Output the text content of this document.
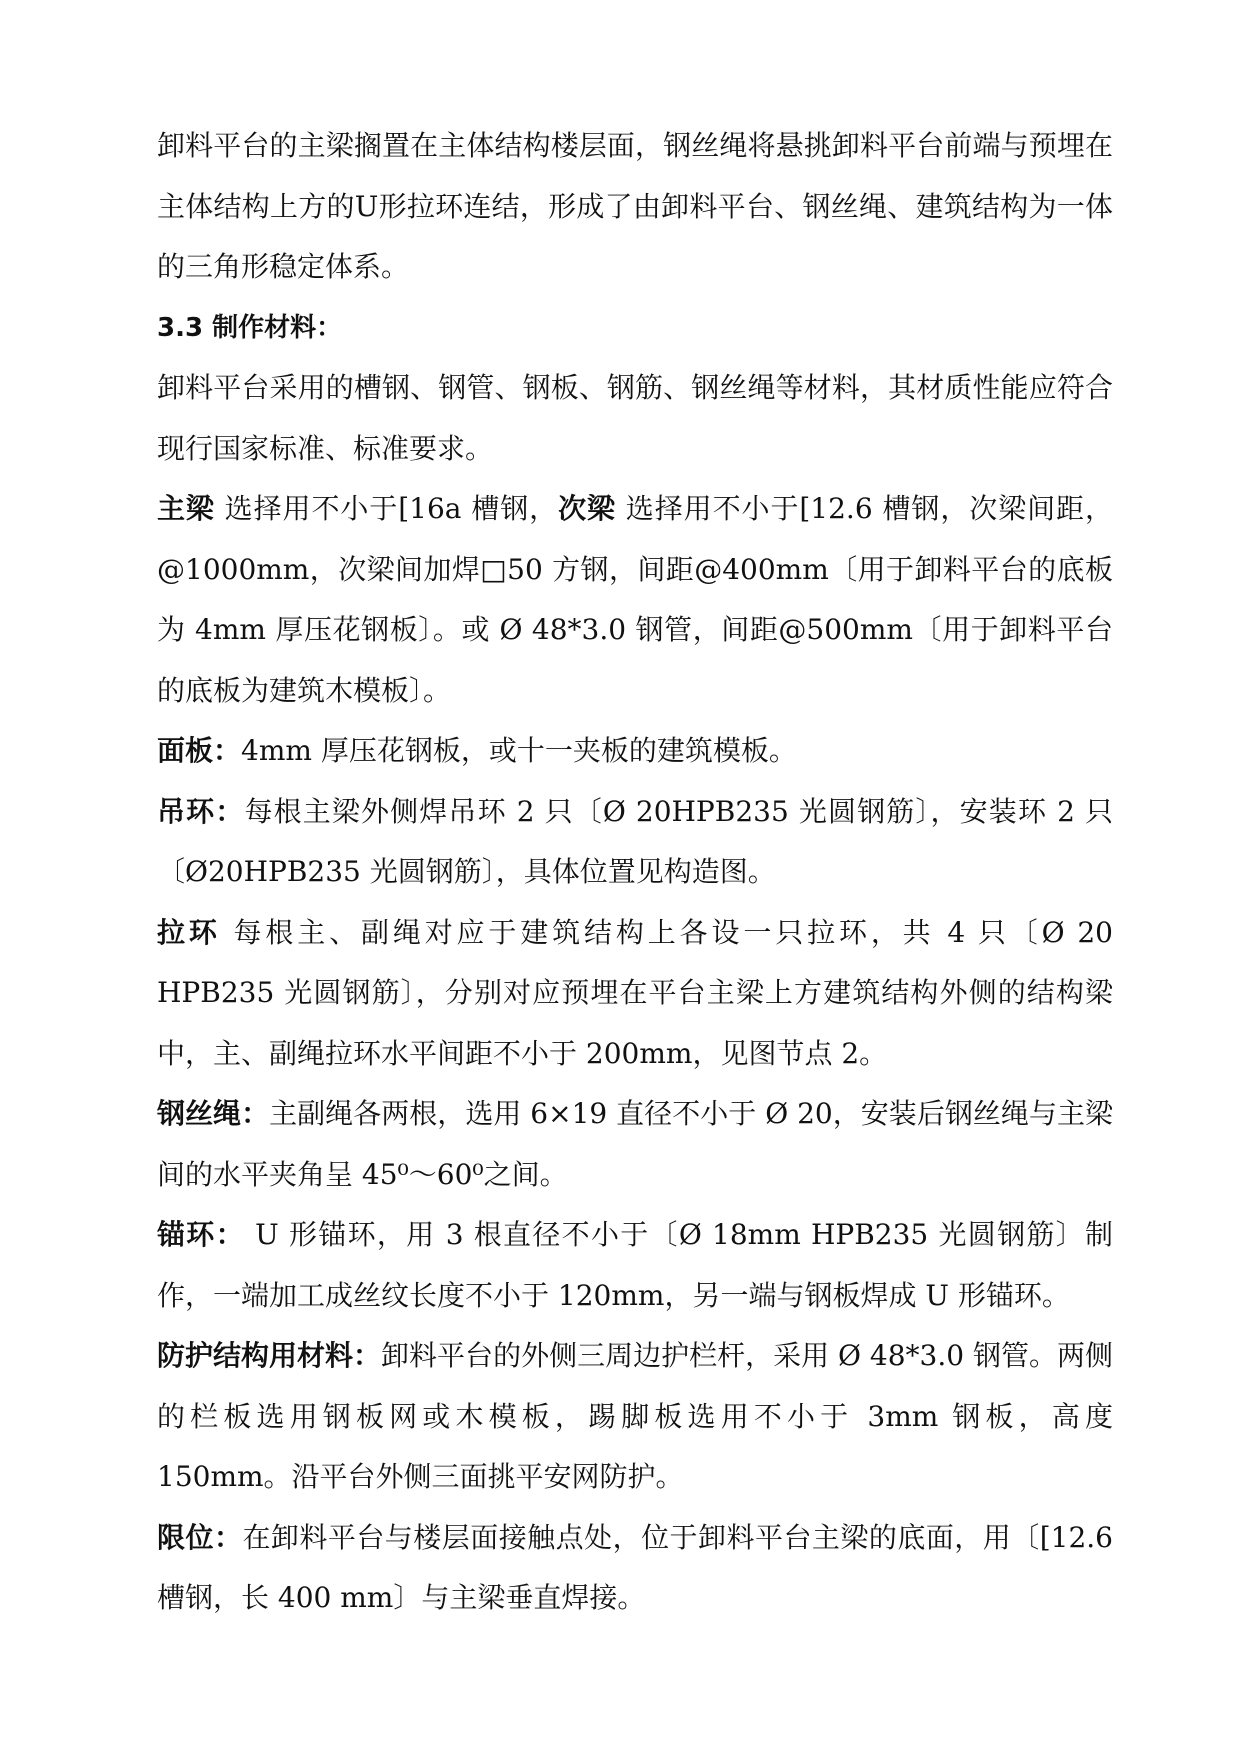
卸料平台的主梁搁置在主体结构楼层面，钢丝绳将悬挑卸料平台前端与预埋在主体结构上方的U形拉环连结，形成了由卸料平台、钢丝绳、建筑结构为一体的三角形稳定体系。

3.3 制作材料：

卸料平台采用的槽钢、钢管、钢板、钢筋、钢丝绳等材料，其材质性能应符合现行国家标准、标准要求。

主梁 选择用不小于[16a 槽钢，次梁 选择用不小于[12.6 槽钢，次梁间距，@1000mm，次梁间加焊□50 方钢，间距@400mm〔用于卸料平台的底板为 4mm 厚压花钢板〕。或 Ø 48*3.0 钢管，间距@500mm〔用于卸料平台的底板为建筑木模板〕。

面板：4mm 厚压花钢板，或十一夹板的建筑模板。

吊环：每根主梁外侧焊吊环 2 只〔Ø 20HPB235 光圆钢筋〕，安装环 2 只〔Ø20HPB235 光圆钢筋〕，具体位置见构造图。

拉环 每根主、副绳对应于建筑结构上各设一只拉环，共 4 只〔Ø 20 HPB235 光圆钢筋〕，分别对应预埋在平台主梁上方建筑结构外侧的结构梁中，主、副绳拉环水平间距不小于 200mm，见图节点 2。

钢丝绳：主副绳各两根，选用 6×19 直径不小于 Ø 20，安装后钢丝绳与主梁间的水平夹角呈 45⁰～60⁰之间。

锚环： U 形锚环，用 3 根直径不小于〔Ø 18mm HPB235 光圆钢筋〕制作，一端加工成丝纹长度不小于 120mm，另一端与钢板焊成 U 形锚环。

防护结构用材料：卸料平台的外侧三周边护栏杆，采用 Ø 48*3.0 钢管。两侧的栏板选用钢板网或木模板，踢脚板选用不小于 3mm 钢板，高度 150mm。沿平台外侧三面挑平安网防护。

限位：在卸料平台与楼层面接触点处，位于卸料平台主梁的底面，用〔[12.6 槽钢，长 400 mm〕与主梁垂直焊接。
